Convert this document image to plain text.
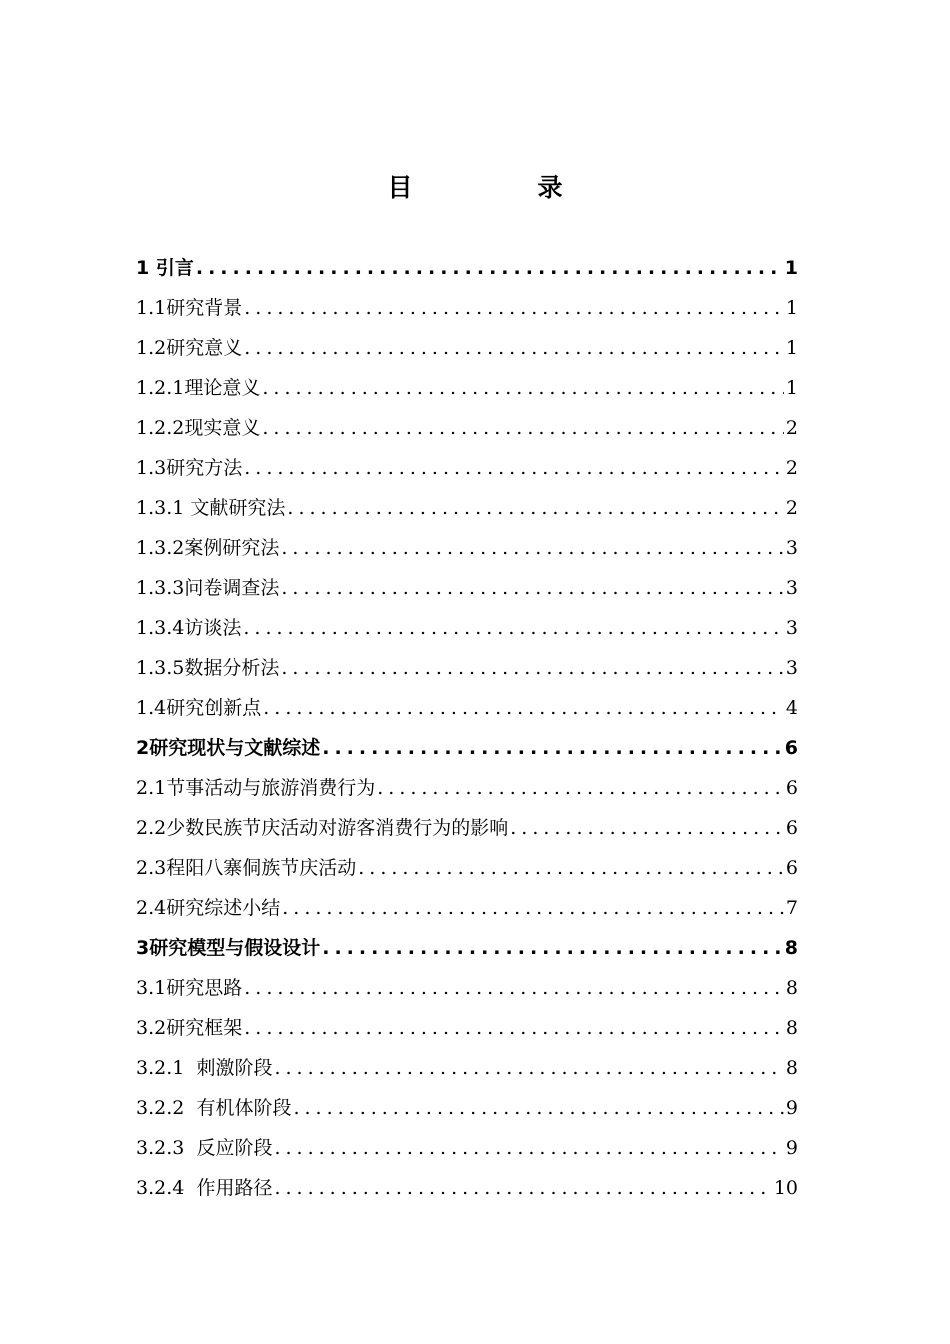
目　录
1 引言 .....	1
1.1 研究背景 .....	1
1.2 研究意义 .....	1
1.2.1 理论意义 .....	1
1.2.2 现实意义 .....	2
1.3 研究方法 .....	2
1.3.1 文献研究法 .....	2
1.3.2 案例研究法 .....	3
1.3.3 问卷调查法 .....	3
1.3.4 访谈法 .....	3
1.3.5 数据分析法 .....	3
1.4 研究创新点 .....	4
2 研究现状与文献综述 .....	6
2.1 节事活动与旅游消费行为 .....	6
2.2 少数民族节庆活动对游客消费行为的影响 .....	6
2.3 程阳八寨侗族节庆活动 .....	6
2.4 研究综述小结 .....	7
3 研究模型与假设设计 .....	8
3.1 研究思路 .....	8
3.2 研究框架 .....	8
3.2.1 刺激阶段 .....	8
3.2.2 有机体阶段 .....	9
3.2.3 反应阶段 .....	9
3.2.4 作用路径 .....	10
